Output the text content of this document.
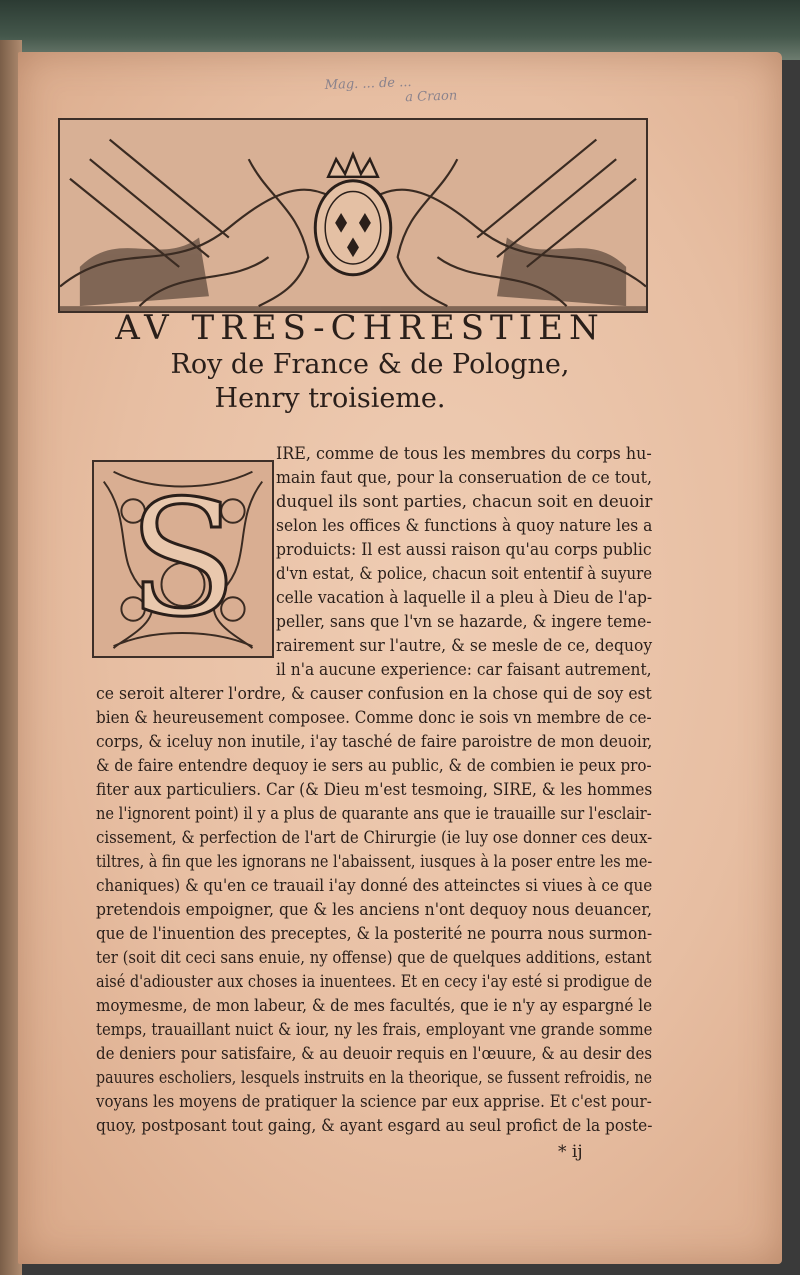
Mag. ... de ...
a Craon
AV TRES-CHRESTIEN
Roy de France & de Pologne,
Henry troisieme.
S
IRE, comme de tous les membres du corps hu-
main faut que, pour la conseruation de ce tout,
duquel ils sont parties, chacun soit en deuoir
selon les offices & functions à quoy nature les a
produicts: Il est aussi raison qu'au corps public
d'vn estat, & police, chacun soit ententif à suyure
celle vacation à laquelle il a pleu à Dieu de l'ap-
peller, sans que l'vn se hazarde, & ingere teme-
rairement sur l'autre, & se mesle de ce, dequoy
il n'a aucune experience: car faisant autrement,
ce seroit alterer l'ordre, & causer confusion en la chose qui de soy est
bien & heureusement composee. Comme donc ie sois vn membre de ce-
corps, & iceluy non inutile, i'ay tasché de faire paroistre de mon deuoir,
& de faire entendre dequoy ie sers au public, & de combien ie peux pro-
fiter aux particuliers. Car (& Dieu m'est tesmoing, SIRE, & les hommes
ne l'ignorent point) il y a plus de quarante ans que ie trauaille sur l'esclair-
cissement, & perfection de l'art de Chirurgie (ie luy ose donner ces deux-
tiltres, à fin que les ignorans ne l'abaissent, iusques à la poser entre les me-
chaniques) & qu'en ce trauail i'ay donné des atteinctes si viues à ce que
pretendois empoigner, que & les anciens n'ont dequoy nous deuancer,
que de l'inuention des preceptes, & la posterité ne pourra nous surmon-
ter (soit dit ceci sans enuie, ny offense) que de quelques additions, estant
aisé d'adiouster aux choses ia inuentees. Et en cecy i'ay esté si prodigue de
moymesme, de mon labeur, & de mes facultés, que ie n'y ay espargné le
temps, trauaillant nuict & iour, ny les frais, employant vne grande somme
de deniers pour satisfaire, & au deuoir requis en l'œuure, & au desir des
pauures escholiers, lesquels instruits en la theorique, se fussent refroidis, ne
voyans les moyens de pratiquer la science par eux apprise. Et c'est pour-
quoy, postposant tout gaing, & ayant esgard au seul profict de la poste-
* ij
